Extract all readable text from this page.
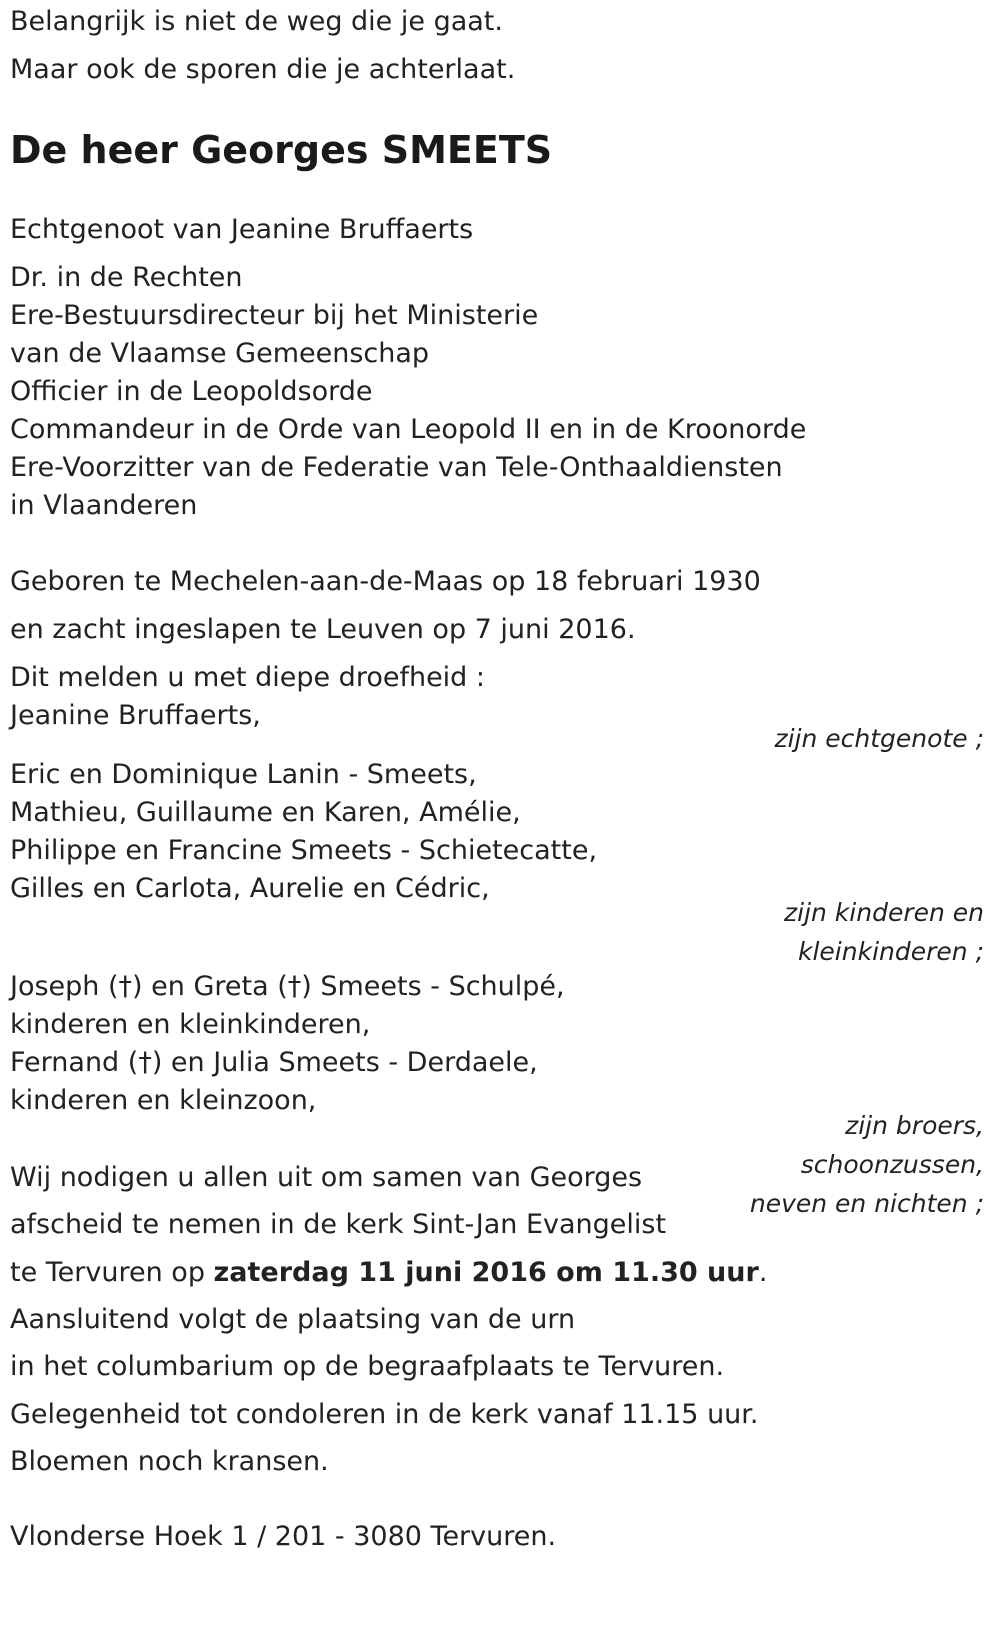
Belangrijk is niet de weg die je gaat.
Maar ook de sporen die je achterlaat.
De heer Georges SMEETS
Echtgenoot van Jeanine Bruffaerts
Dr. in de Rechten
Ere-Bestuursdirecteur bij het Ministerie
van de Vlaamse Gemeenschap
Officier in de Leopoldsorde
Commandeur in de Orde van Leopold II en in de Kroonorde
Ere-Voorzitter van de Federatie van Tele-Onthaaldiensten
in Vlaanderen
Geboren te Mechelen-aan-de-Maas op 18 februari 1930
en zacht ingeslapen te Leuven op 7 juni 2016.
Dit melden u met diepe droefheid :
Jeanine Bruffaerts,
zijn echtgenote ;
Eric en Dominique Lanin - Smeets,
Mathieu, Guillaume en Karen, Amélie,
Philippe en Francine Smeets - Schietecatte,
Gilles en Carlota, Aurelie en Cédric,
zijn kinderen en
kleinkinderen ;
Joseph (†) en Greta (†) Smeets - Schulpé,
kinderen en kleinkinderen,
Fernand (†) en Julia Smeets - Derdaele,
kinderen en kleinzoon,
zijn broers,
schoonzussen,
neven en nichten ;
Wij nodigen u allen uit om samen van Georges
afscheid te nemen in de kerk Sint-Jan Evangelist
te Tervuren op zaterdag 11 juni 2016 om 11.30 uur.
Aansluitend volgt de plaatsing van de urn
in het columbarium op de begraafplaats te Tervuren.
Gelegenheid tot condoleren in de kerk vanaf 11.15 uur.
Bloemen noch kransen.
Vlonderse Hoek 1 / 201 - 3080 Tervuren.
